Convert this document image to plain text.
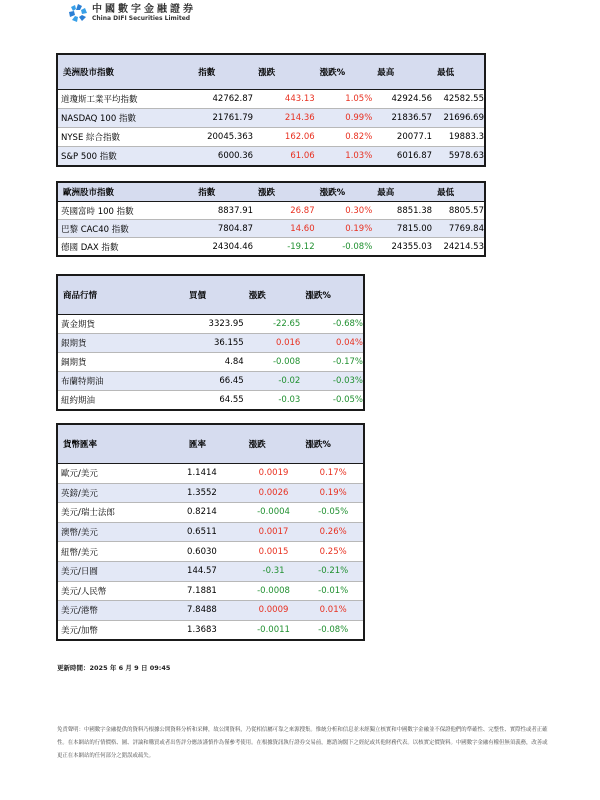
中國數字金融證券
China DIFI Securities Limited
美洲股市指數	指數	漲跌	漲跌%	最高	最低
道瓊斯工業平均指數	42762.87	443.13	1.05%	42924.56	42582.55
NASDAQ 100 指數	21761.79	214.36	0.99%	21836.57	21696.69
NYSE 綜合指數	20045.363	162.06	0.82%	20077.1	19883.3
S&P 500 指數	6000.36	61.06	1.03%	6016.87	5978.63
歐洲股市指數	指數	漲跌	漲跌%	最高	最低
英國富時 100 指數	8837.91	26.87	0.30%	8851.38	8805.57
巴黎 CAC40 指數	7804.87	14.60	0.19%	7815.00	7769.84
德國 DAX 指數	24304.46	-19.12	-0.08%	24355.03	24214.53
商品行情	買價	漲跌	漲跌%
黃金期貨	3323.95	-22.65	-0.68%
銀期貨	36.155	0.016	0.04%
銅期貨	4.84	-0.008	-0.17%
布蘭特期油	66.45	-0.02	-0.03%
紐約期油	64.55	-0.03	-0.05%
貨幣匯率	匯率	漲跌	漲跌%
歐元/美元	1.1414	0.0019	0.17%
英鎊/美元	1.3552	0.0026	0.19%
美元/瑞士法郎	0.8214	-0.0004	-0.05%
澳幣/美元	0.6511	0.0017	0.26%
紐幣/美元	0.6030	0.0015	0.25%
美元/日圓	144.57	-0.31	-0.21%
美元/人民幣	7.1881	-0.0008	-0.01%
美元/港幣	7.8488	0.0009	0.01%
美元/加幣	1.3683	-0.0011	-0.08%
更新時間：2025 年 6 月 9 日 09:45
免責聲明：中國數字金融提供的資料乃根據公開資料分析和采轉，故公開資料，乃從相信屬可靠之來源搜集。惟統分析和信息並未經獨立核實和中國數字金融並不保證他們的準確性、完整性、實際性或者正確性。在本網站的行情價格、圖、評論和購買或者出售評分應該謹慎作為僅參考使用。在根據資訊執行證券交易前，應諮詢閣下之經紀或其他財務代表。以核實定價資料。中國數字金融有權但無須義務，改善或更正在本網站的任何部分之錯誤或疏失。
